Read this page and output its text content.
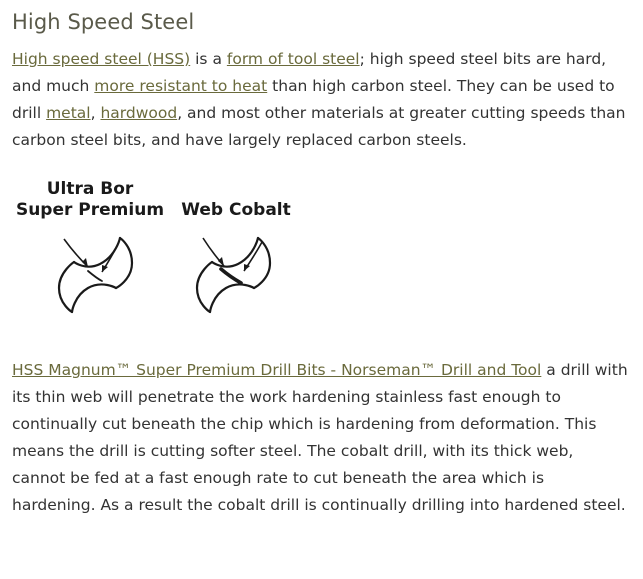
High Speed Steel

High speed steel (HSS) is a form of tool steel; high speed steel bits are hard, and much more resistant to heat than high carbon steel. They can be used to drill metal, hardwood, and most other materials at greater cutting speeds than carbon steel bits, and have largely replaced carbon steels.

Ultra Bor
Super Premium Web Cobalt

HSS Magnum™ Super Premium Drill Bits - Norseman™ Drill and Tool a drill with its thin web will penetrate the work hardening stainless fast enough to continually cut beneath the chip which is hardening from deformation. This means the drill is cutting softer steel. The cobalt drill, with its thick web, cannot be fed at a fast enough rate to cut beneath the area which is hardening. As a result the cobalt drill is continually drilling into hardened steel.
